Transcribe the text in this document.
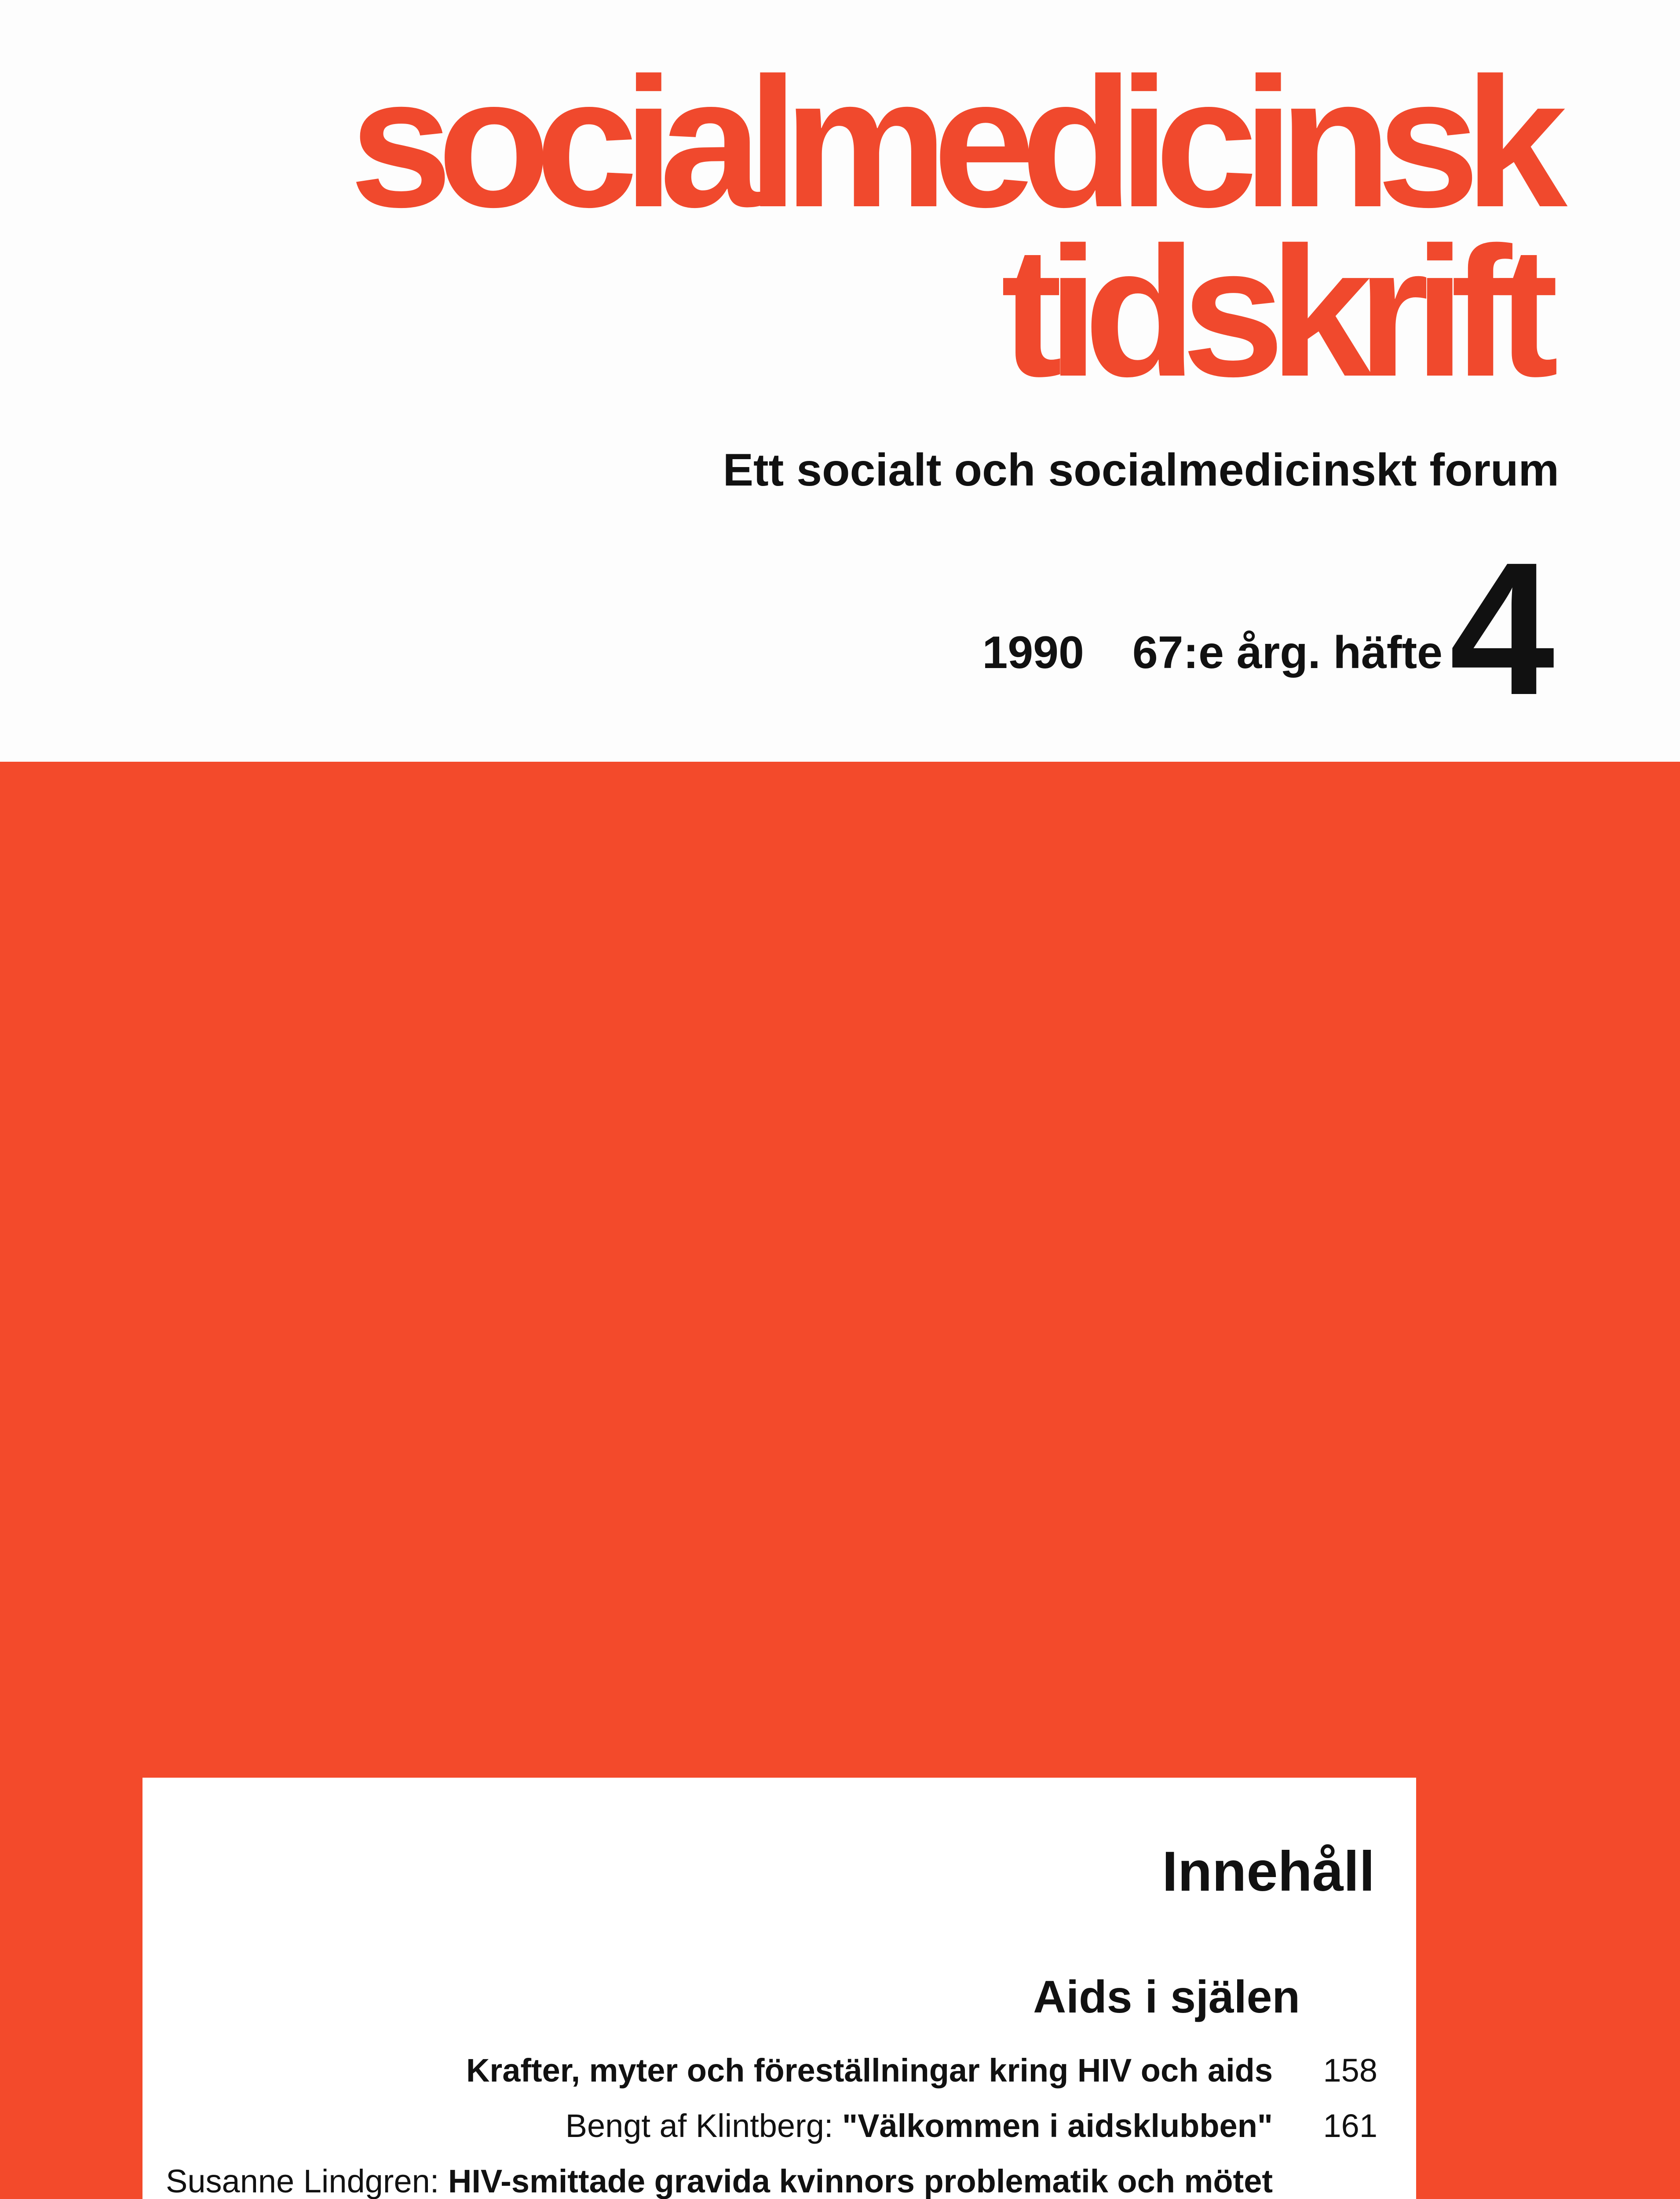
socialmedicinsk
tidskrift
Ett socialt och socialmedicinskt forum
1990 67:e årg. häfte 4
Innehåll
Aids i själen
Krafter, myter och föreställningar kring HIV och aids	158
Bengt af Klintberg: "Välkommen i aidsklubben"	161
Susanne Lindgren: HIV-smittade gravida kvinnors problematik och mötet
